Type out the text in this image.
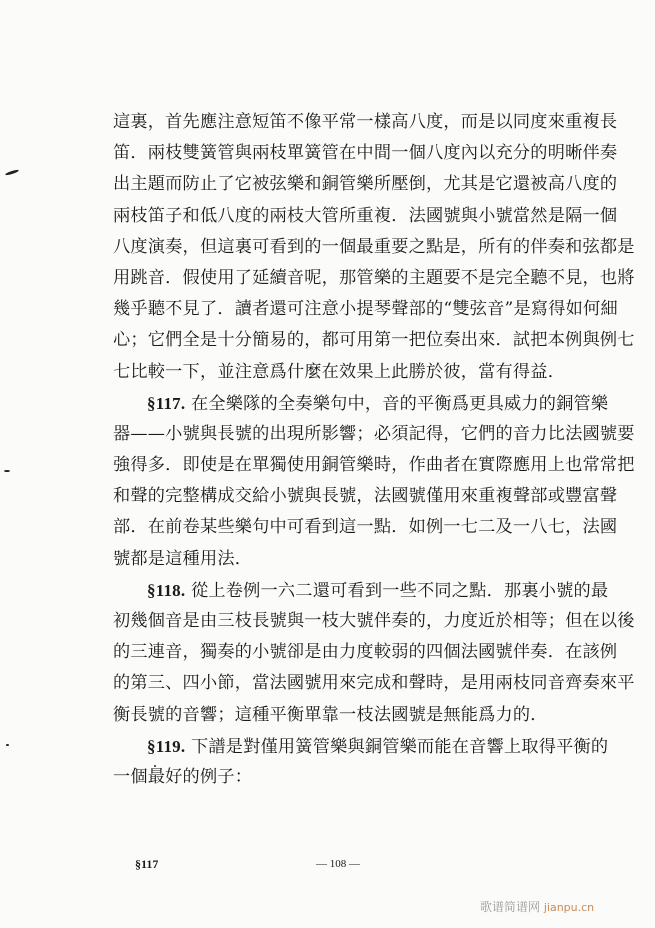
這裏，首先應注意短笛不像平常一樣高八度，而是以同度來重複長
笛．兩枝雙簧管與兩枝單簧管在中間一個八度內以充分的明晰伴奏
出主題而防止了它被弦樂和銅管樂所壓倒，尤其是它還被高八度的
兩枝笛子和低八度的兩枝大管所重複．法國號與小號當然是隔一個
八度演奏，但這裏可看到的一個最重要之點是，所有的伴奏和弦都是
用跳音．假使用了延續音呢，那管樂的主題要不是完全聽不見，也將
幾乎聽不見了．讀者還可注意小提琴聲部的“雙弦音”是寫得如何細
心；它們全是十分簡易的，都可用第一把位奏出來．試把本例與例七
七比較一下，並注意爲什麼在效果上此勝於彼，當有得益．
§117. 在全樂隊的全奏樂句中，音的平衡爲更具威力的銅管樂
器——小號與長號的出現所影響；必須記得，它們的音力比法國號要
強得多．即使是在單獨使用銅管樂時，作曲者在實際應用上也常常把
和聲的完整構成交給小號與長號，法國號僅用來重複聲部或豐富聲
部．在前卷某些樂句中可看到這一點．如例一七二及一八七，法國
號都是這種用法．
§118. 從上卷例一六二還可看到一些不同之點．那裏小號的最
初幾個音是由三枝長號與一枝大號伴奏的，力度近於相等；但在以後
的三連音，獨奏的小號卻是由力度較弱的四個法國號伴奏．在該例
的第三、四小節，當法國號用來完成和聲時，是用兩枝同音齊奏來平
衡長號的音響；這種平衡單靠一枝法國號是無能爲力的．
§119. 下譜是對僅用簧管樂與銅管樂而能在音響上取得平衡的
一個最好的例子：
§117	— 108 —
歌谱简谱网 jianpu.cn
